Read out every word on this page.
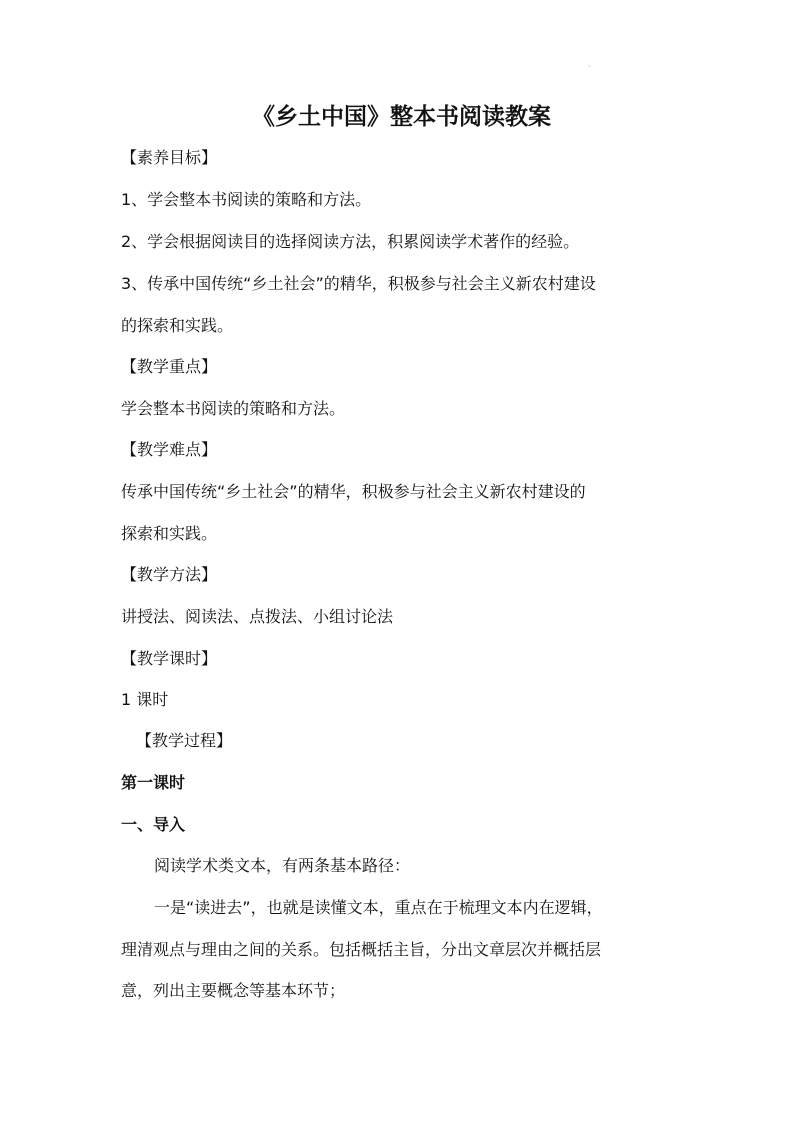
·
《乡土中国》整本书阅读教案
【素养目标】
1、学会整本书阅读的策略和方法。
2、学会根据阅读目的选择阅读方法，积累阅读学术著作的经验。
3、传承中国传统“乡土社会”的精华，积极参与社会主义新农村建设
的探索和实践。
【教学重点】
学会整本书阅读的策略和方法。
【教学难点】
传承中国传统“乡土社会”的精华，积极参与社会主义新农村建设的
探索和实践。
【教学方法】
讲授法、阅读法、点拨法、小组讨论法
【教学课时】
1 课时
【教学过程】
第一课时
一、导入
阅读学术类文本，有两条基本路径：
一是“读进去”，也就是读懂文本，重点在于梳理文本内在逻辑，
理清观点与理由之间的关系。包括概括主旨，分出文章层次并概括层
意，列出主要概念等基本环节；
